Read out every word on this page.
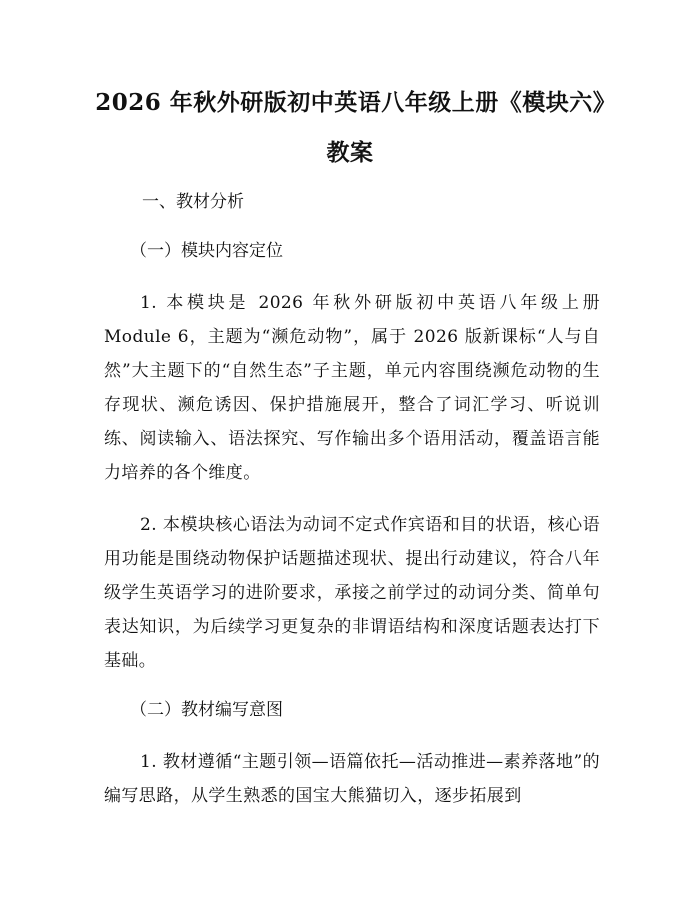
2026 年秋外研版初中英语八年级上册《模块六》教案

一、教材分析

（一）模块内容定位

1. 本模块是 2026 年秋外研版初中英语八年级上册 Module 6，主题为“濒危动物”，属于 2026 版新课标“人与自然”大主题下的“自然生态”子主题，单元内容围绕濒危动物的生存现状、濒危诱因、保护措施展开，整合了词汇学习、听说训练、阅读输入、语法探究、写作输出多个语用活动，覆盖语言能力培养的各个维度。

2. 本模块核心语法为动词不定式作宾语和目的状语，核心语用功能是围绕动物保护话题描述现状、提出行动建议，符合八年级学生英语学习的进阶要求，承接之前学过的动词分类、简单句表达知识，为后续学习更复杂的非谓语结构和深度话题表达打下基础。

（二）教材编写意图

1. 教材遵循“主题引领—语篇依托—活动推进—素养落地”的编写思路，从学生熟悉的国宝大熊猫切入，逐步拓展到
